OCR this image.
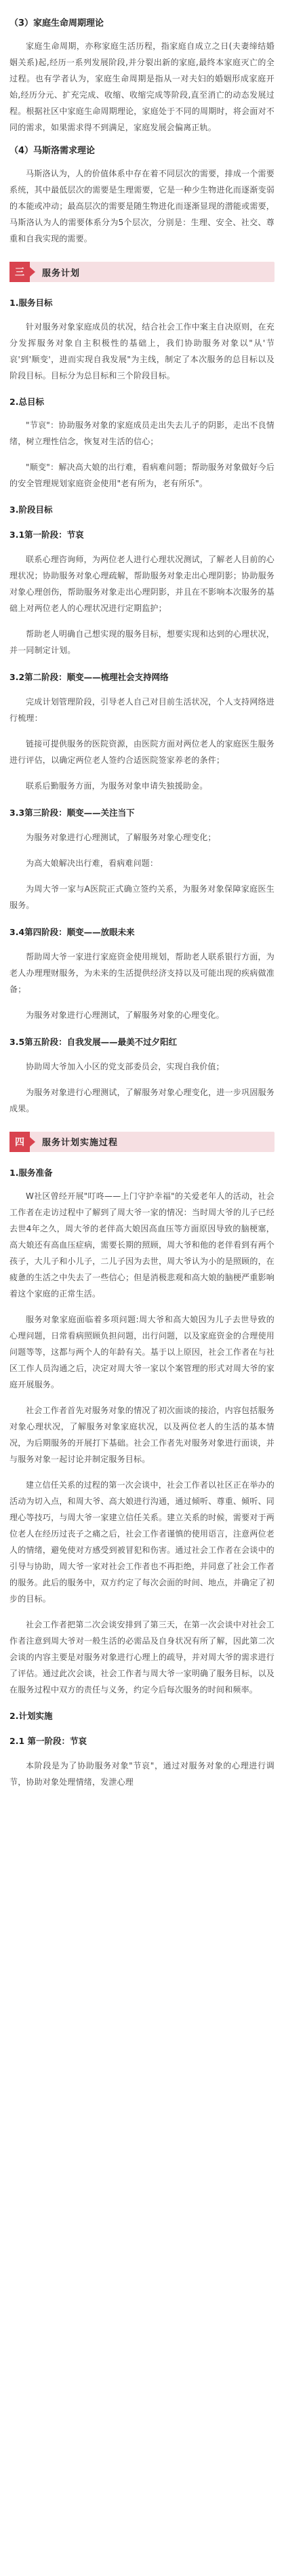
（3）家庭生命周期理论

家庭生命周期，亦称家庭生活历程，指家庭自成立之日(夫妻缔结婚姻关系)起,经历一系列发展阶段,并分裂出新的家庭,最终本家庭灭亡的全过程。也有学者认为，家庭生命周期是指从一对夫妇的婚姻形成家庭开始,经历分元、扩充完成、收缩、收缩完成等阶段,直至消亡的动态发展过程。根据社区中家庭生命周期理论，家庭处于不同的周期时，将会面对不同的需求，如果需求得不到满足，家庭发展会偏离正轨。

（4）马斯洛需求理论

马斯洛认为，人的价值体系中存在着不同层次的需要，排成一个需要系统，其中最低层次的需要是生理需要，它是一种少生物进化而逐渐变弱的本能或冲动；最高层次的需要是随生物进化而逐渐显现的潜能或需要，马斯洛认为人的需要体系分为5个层次，分别是：生理、安全、社交、尊重和自我实现的需要。

三	服务计划

1.服务目标

针对服务对象家庭成员的状况，结合社会工作中案主自决原则，在充分发挥服务对象自主积极性的基础上，我们协助服务对象以"从'节哀'到'顺变'，进而实现自我发展"为主线，制定了本次服务的总目标以及阶段目标。目标分为总目标和三个阶段目标。

2.总目标

"节哀"：协助服务对象的家庭成员走出失去儿子的阴影，走出不良情绪，树立理性信念，恢复对生活的信心；

"顺变"：解决高大娘的出行难，看病难问题；帮助服务对象做好今后的安全管理规划家庭资金使用"老有所为，老有所乐"。

3.阶段目标

3.1第一阶段：节哀

联系心理咨询师，为两位老人进行心理状况测试，了解老人目前的心理状况；协助服务对象心理疏解，帮助服务对象走出心理阴影；协助服务对象心理创伤，帮助服务对象走出心理阴影，并且在不影响本次服务的基础上对两位老人的心理状况进行定期监护；

帮助老人明确自己想实现的服务目标，想要实现和达到的心理状况，并一同制定计划。

3.2第二阶段：顺变——梳理社会支持网络

完成计划管理阶段，引导老人自己对目前生活状况，个人支持网络进行梳理：

链接可提供服务的医院资源，由医院方面对两位老人的家庭医生服务进行评估，以确定两位老人签约合适医院签家养老的条件；

联系后勤服务方面，为服务对象申请失独援助金。

3.3第三阶段：顺变——关注当下

为服务对象进行心理测试，了解服务对象心理变化；

为高大娘解决出行难，看病难问题：

为周大爷一家与A医院正式确立签约关系，为服务对象保障家庭医生服务。

3.4第四阶段：顺变——放眼未来

帮助周大爷一家进行家庭资金使用规划，帮助老人联系银行方面，为老人办理理财服务，为未来的生活提供经济支持以及可能出现的疾病做准备；

为服务对象进行心理测试，了解服务对象的心理变化。

3.5第五阶段：自我发展——最美不过夕阳红

协助周大爷加入小区的党支部委员会，实现自我价值；

为服务对象进行心理测试，了解服务对象心理变化，进一步巩固服务成果。

四	服务计划实施过程

1.服务准备

W社区曾经开展"叮咚——上门守护幸福"的关爱老年人的活动，社会工作者在走访过程中了解到了周大爷一家的情况：当时周大爷的儿子已经去世4年之久，周大爷的老伴高大娘因高血压等方面原因导致的脑梗塞，高大娘还有高血压症病，需要长期的照顾，周大爷和他的老伴看到有两个孩子，大儿子和小儿子，二儿子因为去世，周大爷认为小的是照顾的，在疲惫的生活之中失去了一些信心；但是消极悲观和高大娘的脑梗严重影响着这个家庭的正常生活。

服务对象家庭面临着多项问题:周大爷和高大娘因为儿子去世导致的心理问题，日常看病照顾负担问题，出行问题，以及家庭资金的合理使用问题等等，这都与两个人的年龄有关。基于以上原因，社会工作者在与社区工作人员沟通之后，决定对周大爷一家以个案管理的形式对周大爷的家庭开展服务。

社会工作者首先对服务对象的情况了初次面谈的接洽，内容包括服务对象心理状况，了解服务对象家庭状况，以及两位老人的生活的基本情况，为后期服务的开展打下基础。社会工作者先对服务对象进行面谈，并与服务对象一起讨论并制定服务目标。

建立信任关系的过程的第一次会谈中，社会工作者以社区正在举办的活动为切入点，和周大爷、高大娘进行沟通，通过倾听、尊重、倾听、同理心等技巧，与周大爷一家建立信任关系。建立关系的时候，需要对于两位老人在经历过丧子之痛之后，社会工作者谨慎的使用语言，注意两位老人的情绪，避免使对方感受到被冒犯和伤害。通过社会工作者在会谈中的引导与协助，周大爷一家对社会工作者也不再拒绝，并同意了社会工作者的服务。此后的服务中，双方约定了每次会面的时间、地点，并确定了初步的目标。

社会工作者把第二次会谈安排到了第三天，在第一次会谈中对社会工作者注意到周大爷对一般生活的必需品及自身状况有所了解，因此第二次会谈的内容主要是对服务对象进行心理上的疏导，并对周大爷的需求进行了评估。通过此次会谈，社会工作者与周大爷一家明确了服务目标，以及在服务过程中双方的责任与义务，约定今后每次服务的时间和频率。

2.计划实施

2.1 第一阶段：节哀

本阶段是为了协助服务对象"节哀"，通过对服务对象的心理进行调节，协助对象处理情绪，发泄心理
